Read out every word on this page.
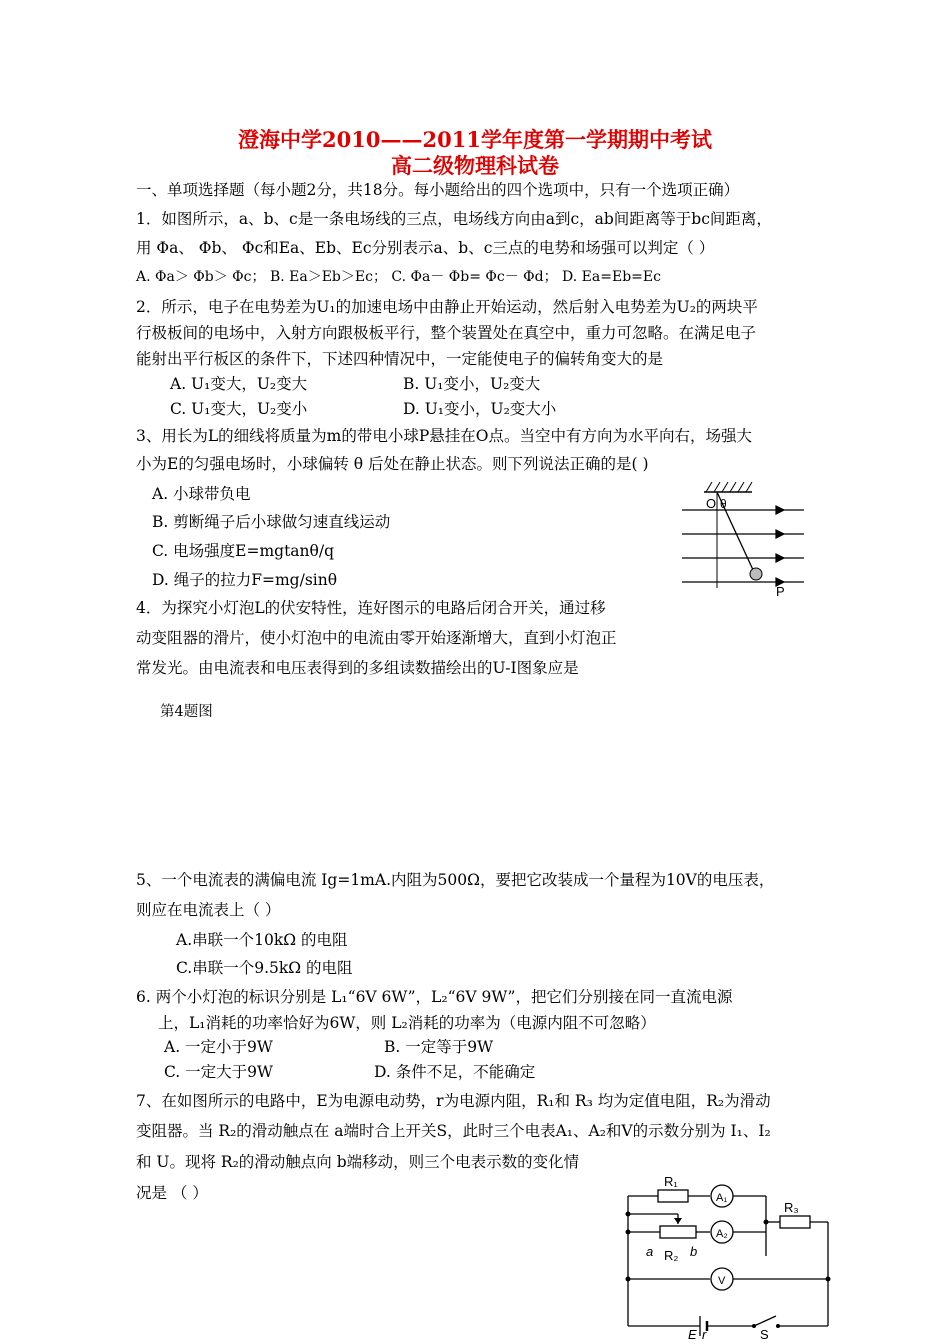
澄海中学2010——2011学年度第一学期期中考试
高二级物理科试卷
一、单项选择题（每小题2分，共18分。每小题给出的四个选项中，只有一个选项正确）
1．如图所示，a、b、c是一条电场线的三点，电场线方向由a到c，ab间距离等于bc间距离，
用 Φa、 Φb、 Φc和Ea、Eb、Ec分别表示a、b、c三点的电势和场强可以判定（ ）
A. Φa＞ Φb＞ Φc； B. Ea＞Eb＞Ec； C. Φa－ Φb= Φc－ Φd； D. Ea=Eb=Ec
2．所示，电子在电势差为U₁的加速电场中由静止开始运动，然后射入电势差为U₂的两块平
行极板间的电场中，入射方向跟极板平行，整个装置处在真空中，重力可忽略。在满足电子
能射出平行板区的条件下，下述四种情况中，一定能使电子的偏转角变大的是
A. U₁变大，U₂变大	B. U₁变小，U₂变大
C. U₁变大，U₂变小	D. U₁变小，U₂变大小
3、用长为L的细线将质量为m的带电小球P悬挂在O点。当空中有方向为水平向右，场强大
小为E的匀强电场时，小球偏转 θ 后处在静止状态。则下列说法正确的是( )
A. 小球带负电
B. 剪断绳子后小球做匀速直线运动
C. 电场强度E=mgtanθ/q
D. 绳子的拉力F=mg/sinθ
O θ
P
4．为探究小灯泡L的伏安特性，连好图示的电路后闭合开关，通过移
动变阻器的滑片，使小灯泡中的电流由零开始逐渐增大，直到小灯泡正
常发光。由电流表和电压表得到的多组读数描绘出的U-I图象应是
第4题图
5、一个电流表的满偏电流 Ig=1mA.内阻为500Ω，要把它改装成一个量程为10V的电压表，
则应在电流表上（ ）
A.串联一个10kΩ 的电阻
C.串联一个9.5kΩ 的电阻
6. 两个小灯泡的标识分别是 L₁“6V 6W”，L₂“6V 9W”，把它们分别接在同一直流电源
上，L₁消耗的功率恰好为6W，则 L₂消耗的功率为（电源内阻不可忽略）
A. 一定小于9W	B. 一定等于9W
C. 一定大于9W	D. 条件不足，不能确定
7、在如图所示的电路中，E为电源电动势，r为电源内阻，R₁和 R₃ 均为定值电阻，R₂为滑动
变阻器。当 R₂的滑动触点在 a端时合上开关S，此时三个电表A₁、A₂和V的示数分别为 I₁、I₂
和 U。现将 R₂的滑动触点向 b端移动，则三个电表示数的变化情
况是 （ ）
R₁
A₁
R₃
A₂
a R₂ b
V
E r	S
